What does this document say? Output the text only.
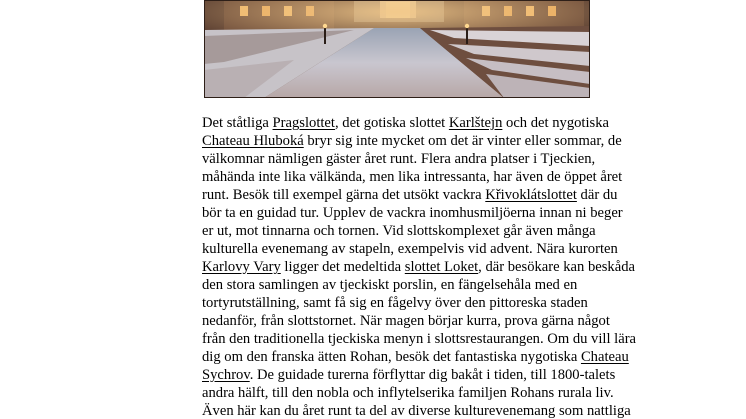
Det ståtliga Pragslottet, det gotiska slottet Karlštejn och det nygotiska
Chateau Hluboká bryr sig inte mycket om det är vinter eller sommar, de
välkomnar nämligen gäster året runt. Flera andra platser i Tjeckien,
måhända inte lika välkända, men lika intressanta, har även de öppet året
runt. Besök till exempel gärna det utsökt vackra Křivoklátslottet där du
bör ta en guidad tur. Upplev de vackra inomhusmiljöerna innan ni beger
er ut, mot tinnarna och tornen. Vid slottskomplexet går även många
kulturella evenemang av stapeln, exempelvis vid advent. Nära kurorten
Karlovy Vary ligger det medeltida slottet Loket, där besökare kan beskåda
den stora samlingen av tjeckiskt porslin, en fängelsehåla med en
tortyrutställning, samt få sig en fågelvy över den pittoreska staden
nedanför, från slottstornet. När magen börjar kurra, prova gärna något
från den traditionella tjeckiska menyn i slottsrestaurangen. Om du vill lära
dig om den franska ätten Rohan, besök det fantastiska nygotiska Chateau
Sychrov. De guidade turerna förflyttar dig bakåt i tiden, till 1800-talets
andra hälft, till den nobla och inflytelserika familjen Rohans rurala liv.
Även här kan du året runt ta del av diverse kulturevenemang som nattliga
